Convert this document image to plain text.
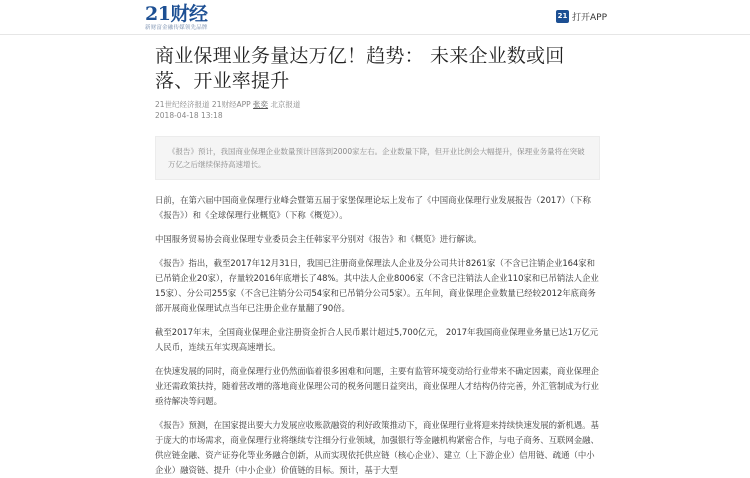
21财经
新财富金融传媒领先品牌
21 打开APP
商业保理业务量达万亿！趋势： 未来企业数或回落、开业率提升
21世纪经济报道 21财经APP 张奕 北京报道
2018-04-18 13:18
《报告》预计，我国商业保理企业数量预计回落到2000家左右。企业数量下降，但开业比例会大幅提升，保理业务量将在突破万亿之后继续保持高速增长。

日前，在第六届中国商业保理行业峰会暨第五届于家堡保理论坛上发布了《中国商业保理行业发展报告（2017）（下称《报告》）和《全球保理行业概览》（下称《概览》）。

中国服务贸易协会商业保理专业委员会主任韩家平分别对《报告》和《概览》进行解读。

《报告》指出，截至2017年12月31日，我国已注册商业保理法人企业及分公司共计8261家（不含已注销企业164家和已吊销企业20家），存量较2016年底增长了48%。其中法人企业8006家（不含已注销法人企业110家和已吊销法人企业15家）、分公司255家（不含已注销分公司54家和已吊销分公司5家）。五年间，商业保理企业数量已经较2012年底商务部开展商业保理试点当年已注册企业存量翻了90倍。

截至2017年末，全国商业保理企业注册资金折合人民币累计超过5,700亿元， 2017年我国商业保理业务量已达1万亿元人民币，连续五年实现高速增长。

在快速发展的同时，商业保理行业仍然面临着很多困难和问题，主要有监管环境变动给行业带来不确定因素，商业保理企业还需政策扶持，随着营改增的落地商业保理公司的税务问题日益突出，商业保理人才结构仍待完善，外汇管制成为行业亟待解决等问题。

《报告》预测，在国家提出要大力发展应收账款融资的利好政策推动下，商业保理行业将迎来持续快速发展的新机遇。基于庞大的市场需求，商业保理行业将继续专注细分行业领域，加强银行等金融机构紧密合作，与电子商务、互联网金融、供应链金融、资产证券化等业务融合创新，从而实现依托供应链（核心企业）、建立（上下游企业）信用链、疏通（中小企业）融资链、提升（中小企业）价值链的目标。预计，基于大型
